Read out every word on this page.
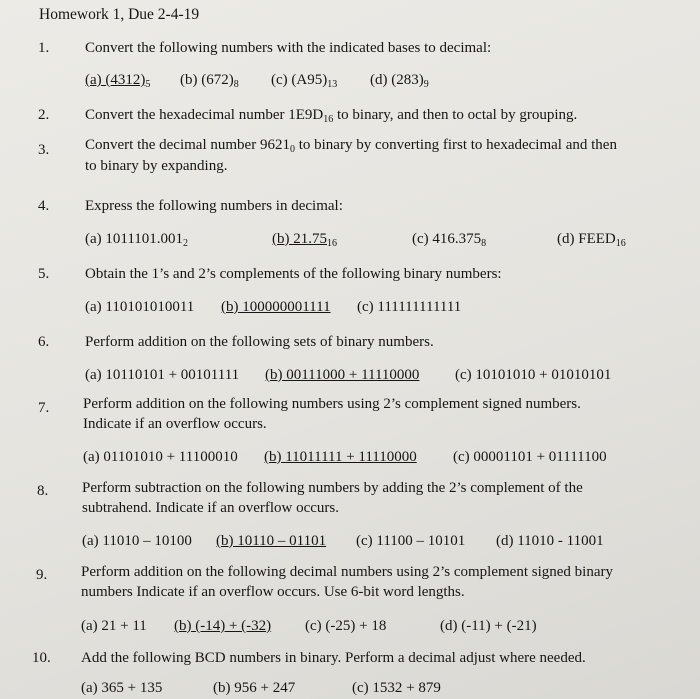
Homework 1, Due 2-4-19
1. Convert the following numbers with the indicated bases to decimal:
(a) $(4312)_5$ (b) $(672)_8$ (c) $(A95)_{13}$ (d) $(283)_9$
2. Convert the hexadecimal number $1E9D_{16}$ to binary, and then to octal by grouping.
3. Convert the decimal number $9621_0$ to binary by converting first to hexadecimal and then
to binary by expanding.
4. Express the following numbers in decimal:
(a) $1011101.001_2$	(b) $21.75_{16}$	(c) $416.375_8$	(d) $FEED_{16}$
5. Obtain the 1’s and 2’s complements of the following binary numbers:
(a) 110101010011 (b) 100000001111 (c) 111111111111
6. Perform addition on the following sets of binary numbers.
(a) 10110101 + 00101111 (b) 00111000 + 11110000 (c) 10101010 + 01010101
7. Perform addition on the following numbers using 2’s complement signed numbers.
Indicate if an overflow occurs.
(a) 01101010 + 11100010 (b) 11011111 + 11110000 (c) 00001101 + 01111100
8. Perform subtraction on the following numbers by adding the 2’s complement of the
subtrahend. Indicate if an overflow occurs.
(a) 11010 – 10100 (b) 10110 – 01101 (c) 11100 – 10101 (d) 11010 - 11001
9. Perform addition on the following decimal numbers using 2’s complement signed binary
numbers Indicate if an overflow occurs. Use 6-bit word lengths.
(a) 21 + 11 (b) (-14) + (-32) (c) (-25) + 18	(d) (-11) + (-21)
10. Add the following BCD numbers in binary. Perform a decimal adjust where needed.
(a) 365 + 135	(b) 956 + 247	(c) 1532 + 879
